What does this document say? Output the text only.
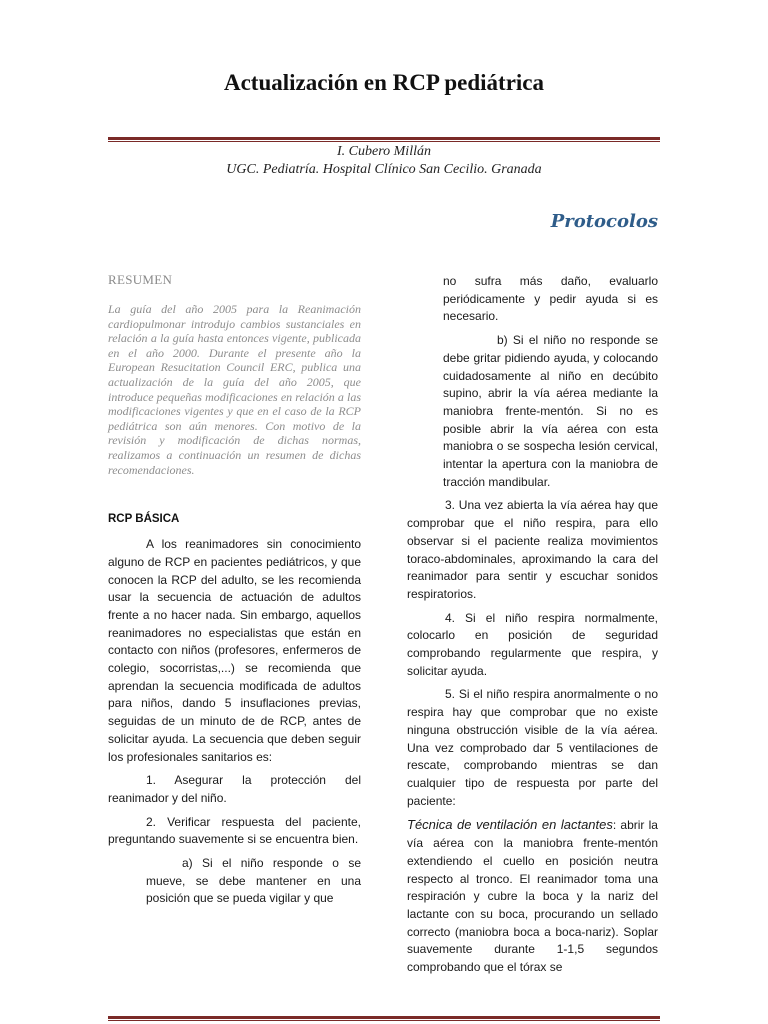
Actualización en RCP pediátrica
I. Cubero Millán
UGC. Pediatría. Hospital Clínico San Cecilio. Granada
Protocolos
RESUMEN

La guía del año 2005 para la Reanimación cardiopulmonar introdujo cambios sustanciales en relación a la guía hasta entonces vigente, publicada en el año 2000. Durante el presente año la European Resucitation Council ERC, publica una actualización de la guía del año 2005, que introduce pequeñas modificaciones en relación a las modificaciones vigentes y que en el caso de la RCP pediátrica son aún menores. Con motivo de la revisión y modificación de dichas normas, realizamos a continuación un resumen de dichas recomendaciones.

RCP BÁSICA

A los reanimadores sin conocimiento alguno de RCP en pacientes pediátricos, y que conocen la RCP del adulto, se les recomienda usar la secuencia de actuación de adultos frente a no hacer nada. Sin embargo, aquellos reanimadores no especialistas que están en contacto con niños (profesores, enfermeros de colegio, socorristas,...) se recomienda que aprendan la secuencia modificada de adultos para niños, dando 5 insuflaciones previas, seguidas de un minuto de de RCP, antes de solicitar ayuda. La secuencia que deben seguir los profesionales sanitarios es:

1. Asegurar la protección del reanimador y del niño.

2. Verificar respuesta del paciente, preguntando suavemente si se encuentra bien.

a) Si el niño responde o se mueve, se debe mantener en una posición que se pueda vigilar y que

no sufra más daño, evaluarlo periódicamente y pedir ayuda si es necesario.

b) Si el niño no responde se debe gritar pidiendo ayuda, y colocando cuidadosamente al niño en decúbito supino, abrir la vía aérea mediante la maniobra frente-mentón. Si no es posible abrir la vía aérea con esta maniobra o se sospecha lesión cervical, intentar la apertura con la maniobra de tracción mandibular.

3. Una vez abierta la vía aérea hay que comprobar que el niño respira, para ello observar si el paciente realiza movimientos toraco-abdominales, aproximando la cara del reanimador para sentir y escuchar sonidos respiratorios.

4. Si el niño respira normalmente, colocarlo en posición de seguridad comprobando regularmente que respira, y solicitar ayuda.

5. Si el niño respira anormalmente o no respira hay que comprobar que no existe ninguna obstrucción visible de la vía aérea. Una vez comprobado dar 5 ventilaciones de rescate, comprobando mientras se dan cualquier tipo de respuesta por parte del paciente:

Técnica de ventilación en lactantes: abrir la vía aérea con la maniobra frente-mentón extendiendo el cuello en posición neutra respecto al tronco. El reanimador toma una respiración y cubre la boca y la nariz del lactante con su boca, procurando un sellado correcto (maniobra boca a boca-nariz). Soplar suavemente durante 1-1,5 segundos comprobando que el tórax se
